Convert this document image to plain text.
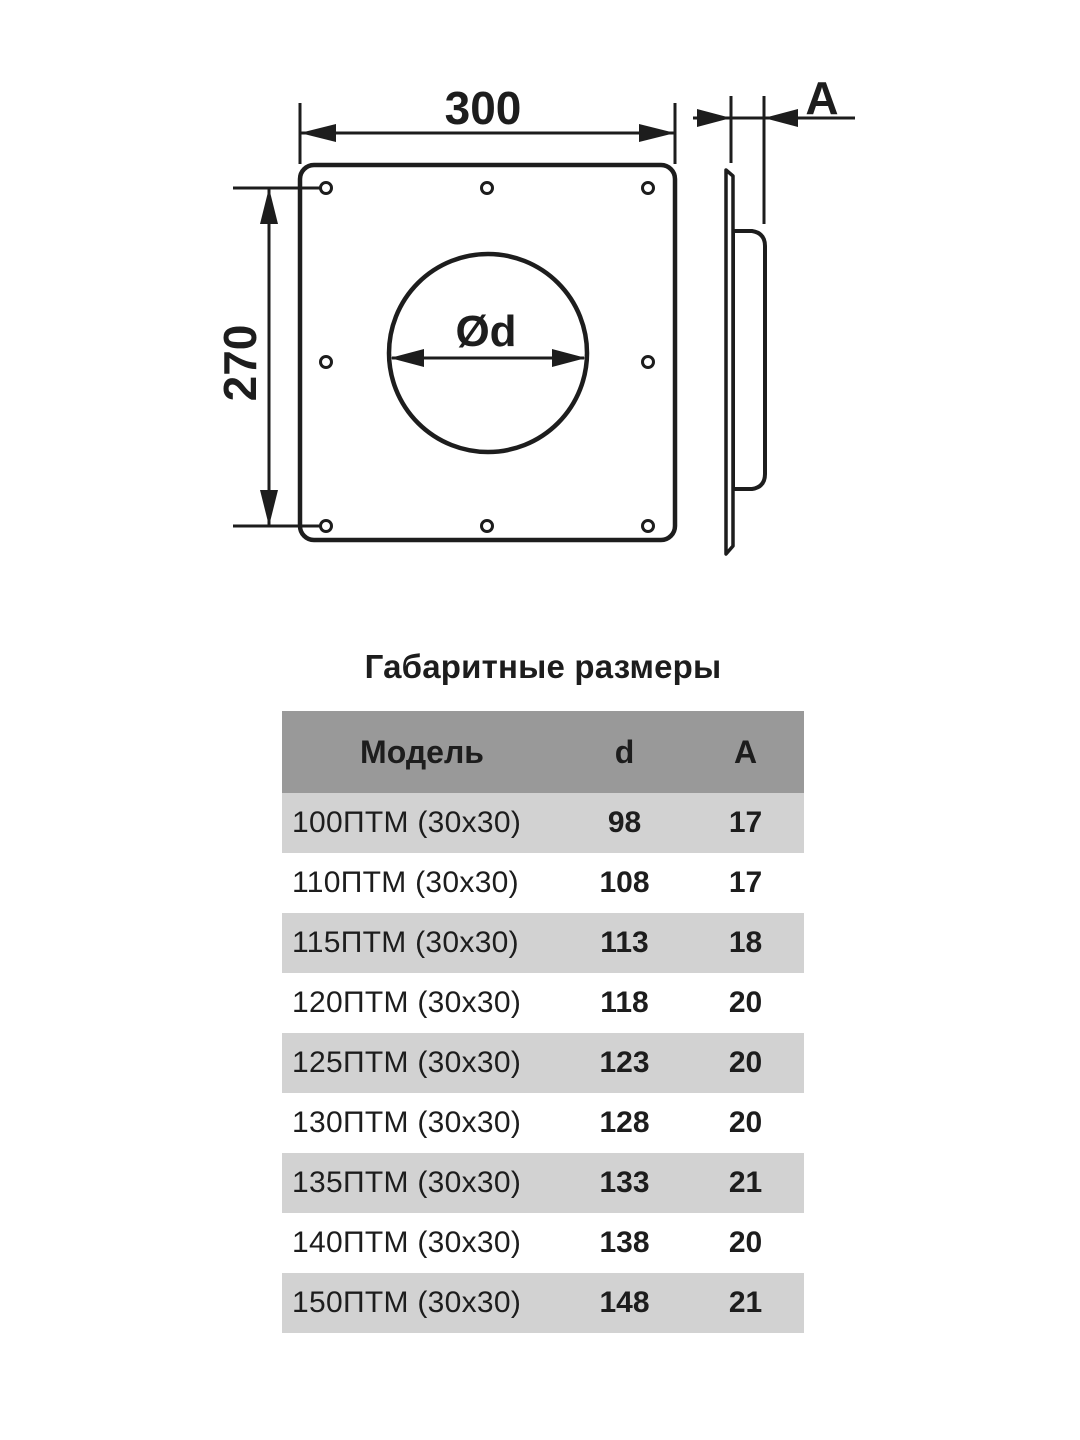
Ød
300
270
A
Габаритные размеры
Модель	d	A
100ПТМ (30х30)	98	17
110ПТМ (30х30)	108	17
115ПТМ (30х30)	113	18
120ПТМ (30х30)	118	20
125ПТМ (30х30)	123	20
130ПТМ (30х30)	128	20
135ПТМ (30х30)	133	21
140ПТМ (30х30)	138	20
150ПТМ (30х30)	148	21
